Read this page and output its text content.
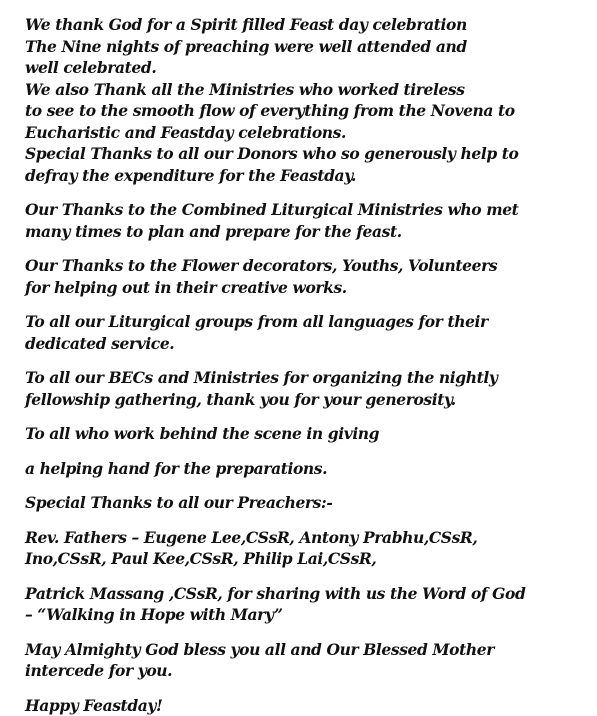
We thank God for a Spirit filled Feast day celebration
The Nine nights of preaching were well attended and
well celebrated.
We also Thank all the Ministries who worked tireless
to see to the smooth flow of everything from the Novena to
Eucharistic and Feastday celebrations.
Special Thanks to all our Donors who so generously help to
defray the expenditure for the Feastday.
Our Thanks to the Combined Liturgical Ministries who met
many times to plan and prepare for the feast.
Our Thanks to the Flower decorators, Youths, Volunteers
for helping out in their creative works.
To all our Liturgical groups from all languages for their
dedicated service.
To all our BECs and Ministries for organizing the nightly
fellowship gathering, thank you for your generosity.
To all who work behind the scene in giving
a helping hand for the preparations.
Special Thanks to all our Preachers:-
Rev. Fathers – Eugene Lee,CSsR, Antony Prabhu,CSsR,
Ino,CSsR, Paul Kee,CSsR, Philip Lai,CSsR,
Patrick Massang ,CSsR, for sharing with us the Word of God
– “Walking in Hope with Mary”
May Almighty God bless you all and Our Blessed Mother
intercede for you.
Happy Feastday!
